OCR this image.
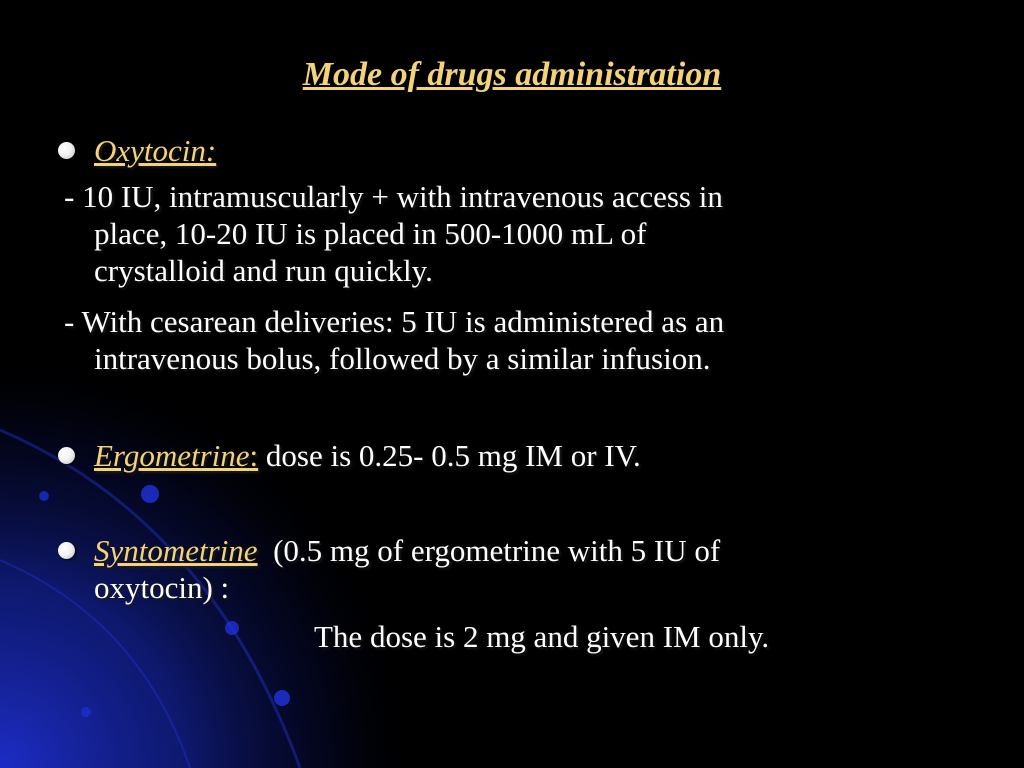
Mode of drugs administration
Oxytocin:
- 10 IU, intramuscularly + with intravenous access in
place, 10-20 IU is placed in 500-1000 mL of
crystalloid and run quickly.
- With cesarean deliveries: 5 IU is administered as an
intravenous bolus, followed by a similar infusion.
Ergometrine: dose is 0.25- 0.5 mg IM or IV.
Syntometrine  (0.5 mg of ergometrine with 5 IU of
oxytocin) :
The dose is 2 mg and given IM only.
